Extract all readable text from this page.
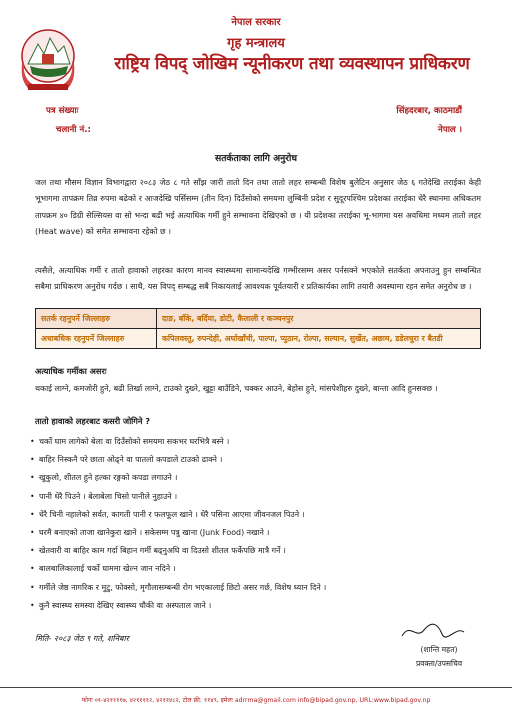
नेपाल सरकार
गृह मन्त्रालय
राष्ट्रिय विपद् जोखिम न्यूनीकरण तथा व्यवस्थापन प्राधिकरण
पत्र संख्याः
चलानी नं.:
सिंहदरबार, काठमाडौं
नेपाल ।
सतर्कताका लागि अनुरोध

जल तथा मौसम विज्ञान विभागद्वारा २०८३ जेठ ८ गते साँझ जारी तातो दिन तथा तातो लहर सम्बन्धी विशेष बुलेटिन अनुसार जेठ ६ गतेदेखि तराईका केही भूभागमा तापक्रम तिव्र रुपमा बढेको र आजदेखि पर्सिसम्म (तीन दिन) दिउँसोको समयमा लुम्बिनी प्रदेश र सुदूरपश्चिम प्रदेशका तराईका धेरै स्थानमा अधिकतम तापक्रम ४० डिग्री सेल्सियस वा सो भन्दा बढी भई अत्याधिक गर्मी हुने सम्भावना देखिएको छ । यी प्रदेशका तराईका भू-भागमा यस अवधिमा मध्यम तातो लहर (Heat wave) को समेत सम्भावना रहेको छ ।

त्यसैले, अत्याधिक गर्मी र तातो हावाको लहरका कारण मानव स्वास्थ्यमा सामान्यदेखि गम्भीरसम्म असर पर्नसक्ने भएकोले सतर्कता अपनाउनु हुन सम्बन्धित सबैमा प्राधिकरण अनुरोध गर्दछ । साथै, यस विपद् सम्बद्ध सबै निकायलाई आवश्यक पूर्वतयारी र प्रतिकार्यका लागि तयारी अवस्थामा रहन समेत अनुरोध छ ।

सतर्क रहनुपर्ने जिल्लाहरु	दाङ, बाँके, बर्दिया, डोटी, कैलाली र कञ्चनपुर
अधाबधिक रहनुपर्ने जिल्लाहरु	कपिलवस्तु, रुपन्देही, अर्घाखाँची, पाल्पा, प्युठान, रोल्पा, सल्यान, सुर्खेत, अछाम, डडेलधुरा र बैतडी
अत्याधिक गर्मीका असरः

थकाई लाग्ने, कमजोरी हुने, बढी तिर्खा लाग्ने, टाउको दुख्ने, खुट्टा बाउँडिने, चक्कर आउने, बेहोस हुने, मांसपेशीहरु दुख्ने, बान्ता आदि हुनसक्छ ।

तातो हावाको लहरबाट कसरी जोगिने ?
• चर्को घाम लागेको बेला वा दिउँसोको समयमा सकभर घरभित्रै बस्ने ।
• बाहिर निस्कनै परे छाता ओढ्ने वा पातलो कपडाले टाउको ढाक्ने ।
• खुकुलो, शीतल हुने हल्का रङ्गको कपडा लगाउने ।
• पानी धेरै पिउने । बेलाबेला चिसो पानीले नुहाउने ।
• धेरै चिनी नहालेको सर्वत, कागती पानी र फलफूल खाने । धेरै पसिना आएमा जीवनजल पिउने ।
• घरमै बनाएको ताजा खानेकुरा खाने । सकेसम्म पत्रु खाना (Junk Food) नखाने ।
• खेतवारी वा बाहिर काम गर्दा बिहान गर्मी बढ्नुअघि वा दिउसो शीतल फर्केपछि मात्रै गर्ने ।
• बालबालिकालाई चर्को घाममा खेल्न जान नदिने ।
• गर्मीले जेष्ठ नागरिक र मुटु, फोक्सो, मृगौलासम्बन्धी रोग भएकालाई छिटो असर गर्छ, विशेष ध्यान दिने ।
• कुनै स्वास्थ्य समस्या देखिए स्वास्थ्य चौकी वा अस्पताल जाने ।
मिति- २०८३ जेठ ९ गते, शनिबार
(शान्ति महत)
प्रवक्ता/उपसचिव
फोनः ०१-४२११११७, ४२११११२, ४२११४८२, टोल फ्री: ११४९, इमेलः adrrma@gmail.com info@bipad.gov.np, URL:www.bipad.gov.np
